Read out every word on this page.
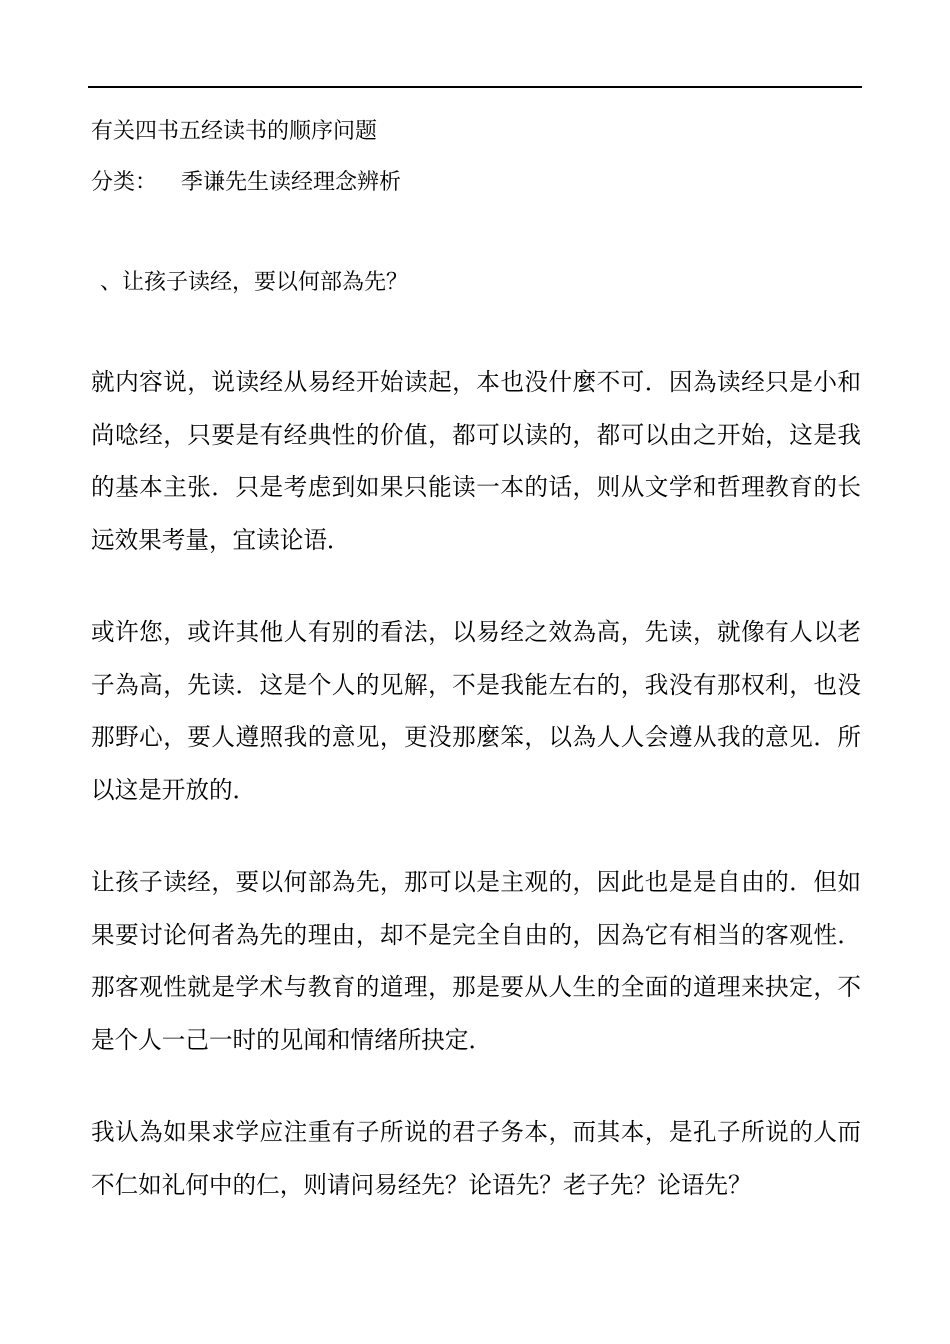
有关四书五经读书的顺序问题
分类： 季谦先生读经理念辨析
、让孩子读经，要以何部為先？

就内容说，说读经从易经开始读起，本也没什麼不可．因為读经只是小和尚唸经，只要是有经典性的价值，都可以读的，都可以由之开始，这是我的基本主张．只是考虑到如果只能读一本的话，则从文学和哲理教育的长远效果考量，宜读论语．

或许您，或许其他人有别的看法，以易经之效為高，先读，就像有人以老子為高，先读．这是个人的见解，不是我能左右的，我没有那权利，也没那野心，要人遵照我的意见，更没那麼笨，以為人人会遵从我的意见．所以这是开放的．

让孩子读经，要以何部為先，那可以是主观的，因此也是是自由的．但如果要讨论何者為先的理由，却不是完全自由的，因為它有相当的客观性．那客观性就是学术与教育的道理，那是要从人生的全面的道理来抉定，不是个人一己一时的见闻和情绪所抉定．

我认為如果求学应注重有子所说的君子务本，而其本，是孔子所说的人而不仁如礼何中的仁，则请问易经先？论语先？老子先？论语先？
